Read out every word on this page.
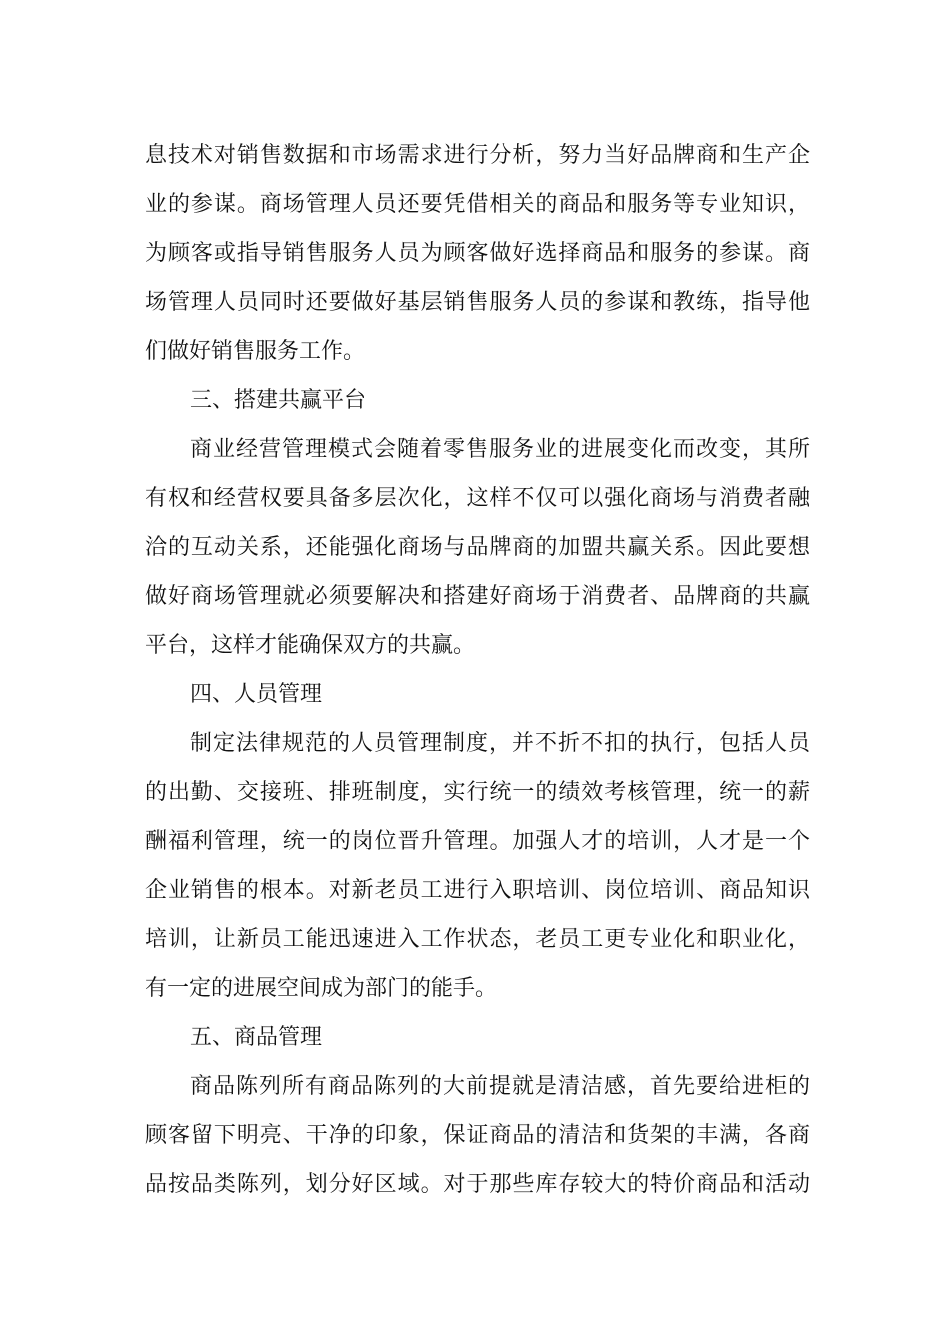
息技术对销售数据和市场需求进行分析，努力当好品牌商和生产企
业的参谋。商场管理人员还要凭借相关的商品和服务等专业知识，
为顾客或指导销售服务人员为顾客做好选择商品和服务的参谋。商
场管理人员同时还要做好基层销售服务人员的参谋和教练，指导他
们做好销售服务工作。
三、搭建共赢平台
商业经营管理模式会随着零售服务业的进展变化而改变，其所
有权和经营权要具备多层次化，这样不仅可以强化商场与消费者融
洽的互动关系，还能强化商场与品牌商的加盟共赢关系。因此要想
做好商场管理就必须要解决和搭建好商场于消费者、品牌商的共赢
平台，这样才能确保双方的共赢。
四、人员管理
制定法律规范的人员管理制度，并不折不扣的执行，包括人员
的出勤、交接班、排班制度，实行统一的绩效考核管理，统一的薪
酬福利管理，统一的岗位晋升管理。加强人才的培训，人才是一个
企业销售的根本。对新老员工进行入职培训、岗位培训、商品知识
培训，让新员工能迅速进入工作状态，老员工更专业化和职业化，
有一定的进展空间成为部门的能手。
五、商品管理
商品陈列所有商品陈列的大前提就是清洁感，首先要给进柜的
顾客留下明亮、干净的印象，保证商品的清洁和货架的丰满，各商
品按品类陈列，划分好区域。对于那些库存较大的特价商品和活动
